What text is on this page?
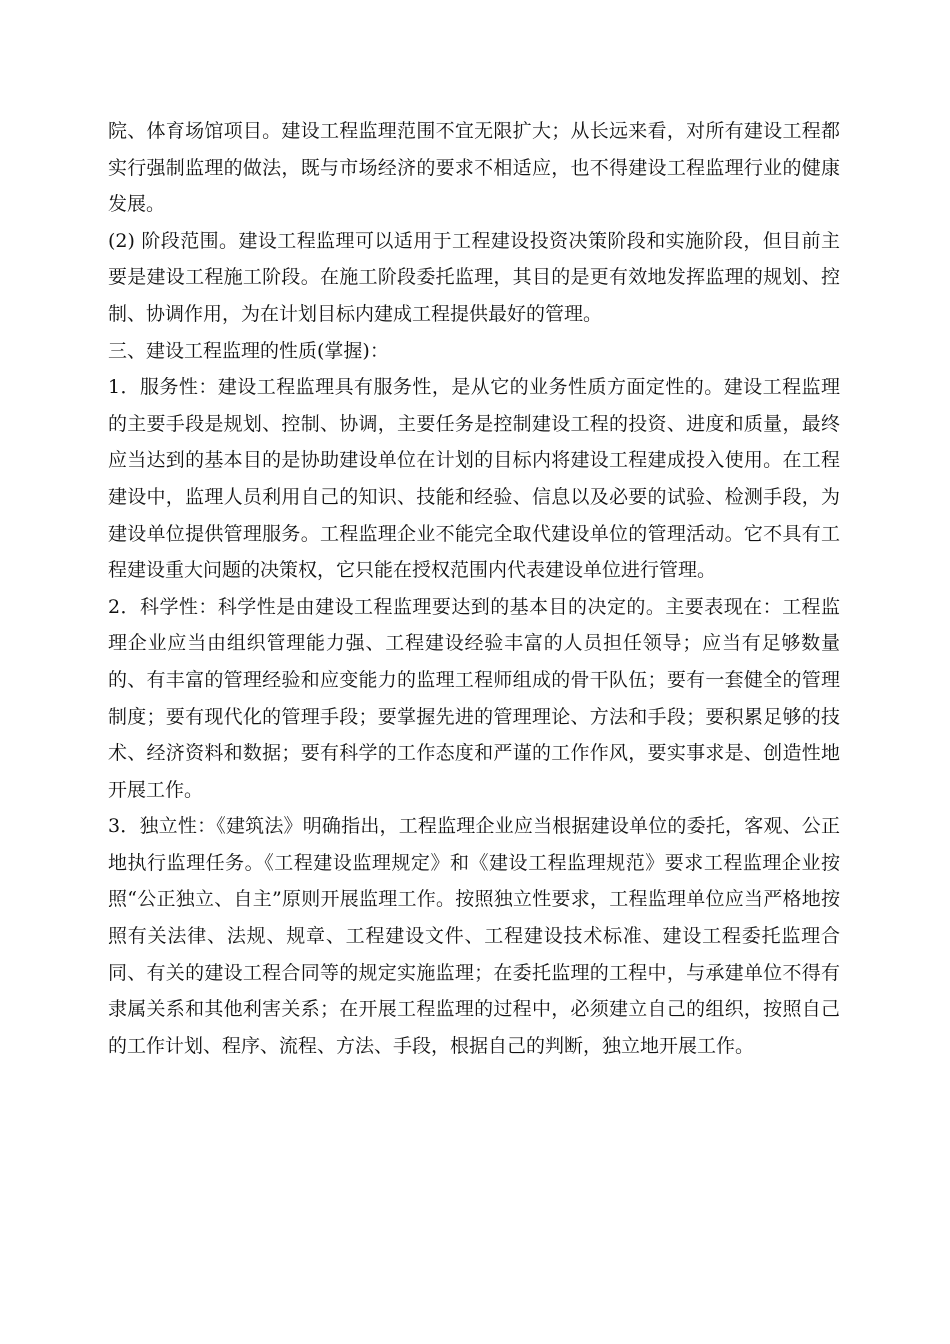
院、体育场馆项目。建设工程监理范围不宜无限扩大；从长远来看，对所有建设工程都实行强制监理的做法，既与市场经济的要求不相适应，也不得建设工程监理行业的健康发展。

(2) 阶段范围。建设工程监理可以适用于工程建设投资决策阶段和实施阶段，但目前主要是建设工程施工阶段。在施工阶段委托监理，其目的是更有效地发挥监理的规划、控制、协调作用，为在计划目标内建成工程提供最好的管理。

三、建设工程监理的性质(掌握)：

1．服务性：建设工程监理具有服务性，是从它的业务性质方面定性的。建设工程监理的主要手段是规划、控制、协调，主要任务是控制建设工程的投资、进度和质量，最终应当达到的基本目的是协助建设单位在计划的目标内将建设工程建成投入使用。在工程建设中，监理人员利用自己的知识、技能和经验、信息以及必要的试验、检测手段，为建设单位提供管理服务。工程监理企业不能完全取代建设单位的管理活动。它不具有工程建设重大问题的决策权，它只能在授权范围内代表建设单位进行管理。

2．科学性：科学性是由建设工程监理要达到的基本目的决定的。主要表现在：工程监理企业应当由组织管理能力强、工程建设经验丰富的人员担任领导；应当有足够数量的、有丰富的管理经验和应变能力的监理工程师组成的骨干队伍；要有一套健全的管理制度；要有现代化的管理手段；要掌握先进的管理理论、方法和手段；要积累足够的技术、经济资料和数据；要有科学的工作态度和严谨的工作作风，要实事求是、创造性地开展工作。

3．独立性：《建筑法》明确指出，工程监理企业应当根据建设单位的委托，客观、公正地执行监理任务。《工程建设监理规定》和《建设工程监理规范》要求工程监理企业按照“公正独立、自主”原则开展监理工作。按照独立性要求，工程监理单位应当严格地按照有关法律、法规、规章、工程建设文件、工程建设技术标准、建设工程委托监理合同、有关的建设工程合同等的规定实施监理；在委托监理的工程中，与承建单位不得有隶属关系和其他利害关系；在开展工程监理的过程中，必须建立自己的组织，按照自己的工作计划、程序、流程、方法、手段，根据自己的判断，独立地开展工作。
